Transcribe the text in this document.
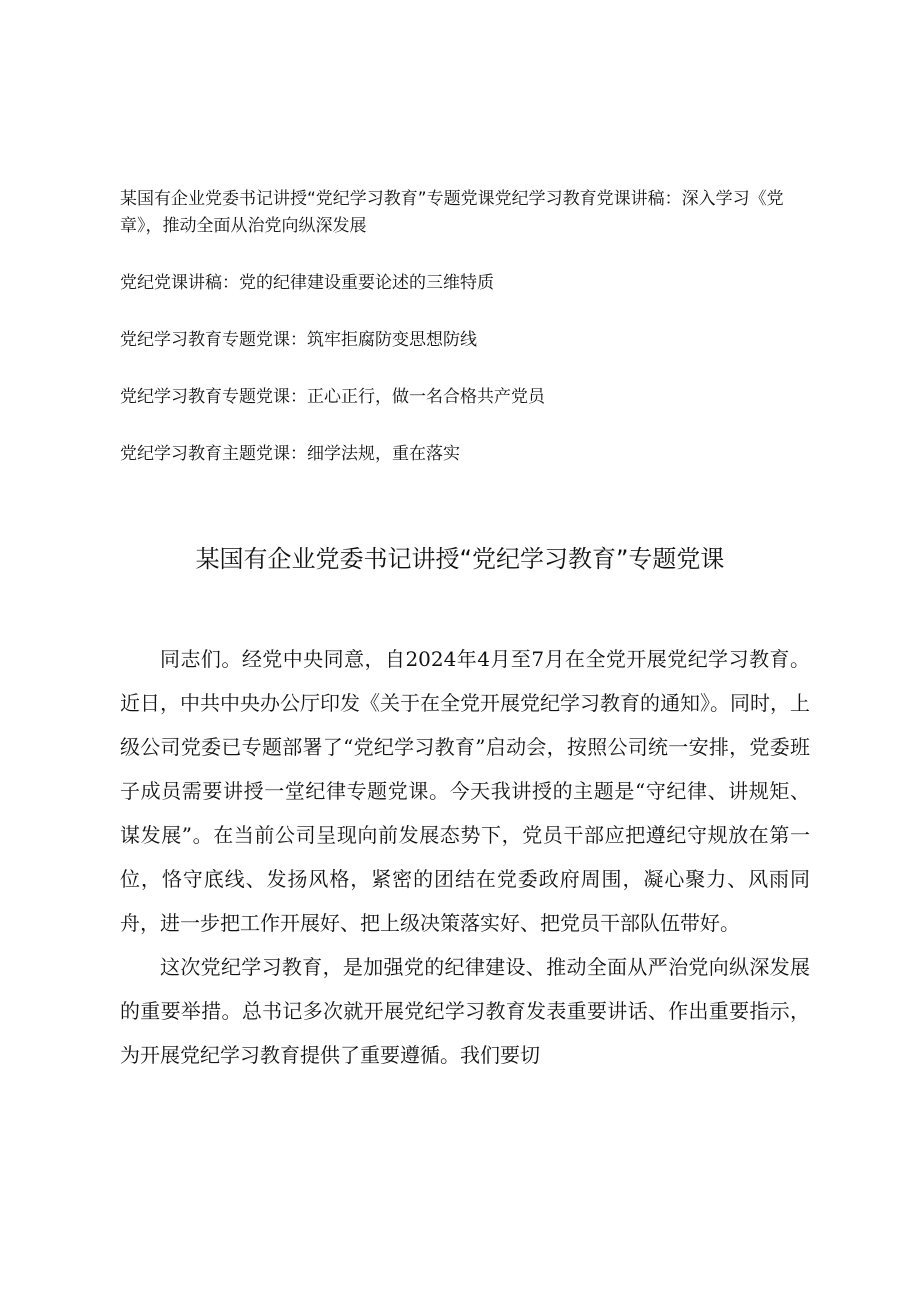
某国有企业党委书记讲授“党纪学习教育”专题党课党纪学习教育党课讲稿：深入学习《党章》，推动全面从治党向纵深发展

党纪党课讲稿：党的纪律建设重要论述的三维特质

党纪学习教育专题党课：筑牢拒腐防变思想防线

党纪学习教育专题党课：正心正行，做一名合格共产党员

党纪学习教育主题党课：细学法规，重在落实

某国有企业党委书记讲授“党纪学习教育”专题党课

同志们。经党中央同意，自2024年4月至7月在全党开展党纪学习教育。近日，中共中央办公厅印发《关于在全党开展党纪学习教育的通知》。同时，上级公司党委已专题部署了“党纪学习教育”启动会，按照公司统一安排，党委班子成员需要讲授一堂纪律专题党课。今天我讲授的主题是“守纪律、讲规矩、谋发展”。在当前公司呈现向前发展态势下，党员干部应把遵纪守规放在第一位，恪守底线、发扬风格，紧密的团结在党委政府周围，凝心聚力、风雨同舟，进一步把工作开展好、把上级决策落实好、把党员干部队伍带好。

这次党纪学习教育，是加强党的纪律建设、推动全面从严治党向纵深发展的重要举措。总书记多次就开展党纪学习教育发表重要讲话、作出重要指示，为开展党纪学习教育提供了重要遵循。我们要切
